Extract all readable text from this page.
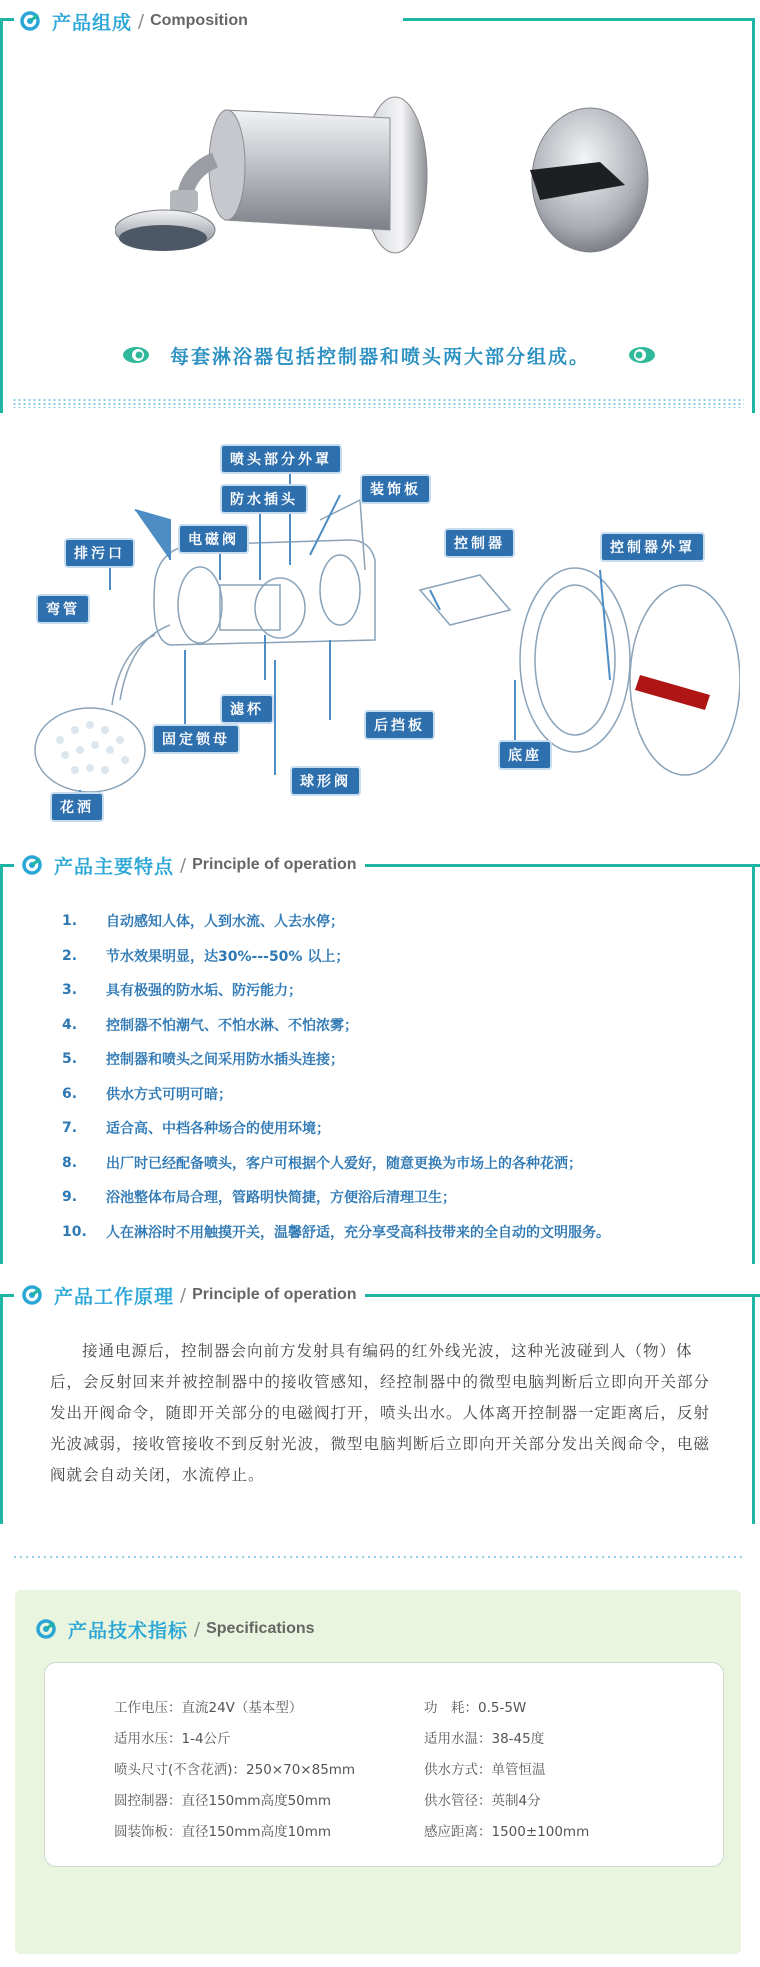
产品组成 / Composition
每套淋浴器包括控制器和喷头两大部分组成。
喷头部分外罩
防水插头
装饰板
电磁阀
排污口
弯管
滤杯
固定锁母
后挡板
球形阀
花洒
控制器	控制器外罩
底座
产品主要特点 / Principle of operation
1.	自动感知人体，人到水流、人去水停；
2.	节水效果明显，达30%---50% 以上；
3.	具有极强的防水垢、防污能力；
4.	控制器不怕潮气、不怕水淋、不怕浓雾；
5.	控制器和喷头之间采用防水插头连接；
6.	供水方式可明可暗；
7.	适合高、中档各种场合的使用环境；
8.	出厂时已经配备喷头，客户可根据个人爱好，随意更换为市场上的各种花洒；
9.	浴池整体布局合理，管路明快简捷，方便浴后清理卫生；
10.	人在淋浴时不用触摸开关，温馨舒适，充分享受高科技带来的全自动的文明服务。
产品工作原理 / Principle of operation
接通电源后，控制器会向前方发射具有编码的红外线光波，这种光波碰到人（物）体后，会反射回来并被控制器中的接收管感知，经控制器中的微型电脑判断后立即向开关部分发出开阀命令，随即开关部分的电磁阀打开，喷头出水。人体离开控制器一定距离后，反射光波减弱，接收管接收不到反射光波，微型电脑判断后立即向开关部分发出关阀命令，电磁阀就会自动关闭，水流停止。
产品技术指标 / Specifications
工作电压：直流24V（基本型）	功　耗：0.5-5W
适用水压：1-4公斤	适用水温：38-45度
喷头尺寸(不含花洒)：250×70×85mm	供水方式：单管恒温
圆控制器：直径150mm高度50mm	供水管径：英制4分
圆装饰板：直径150mm高度10mm	感应距离：1500±100mm
